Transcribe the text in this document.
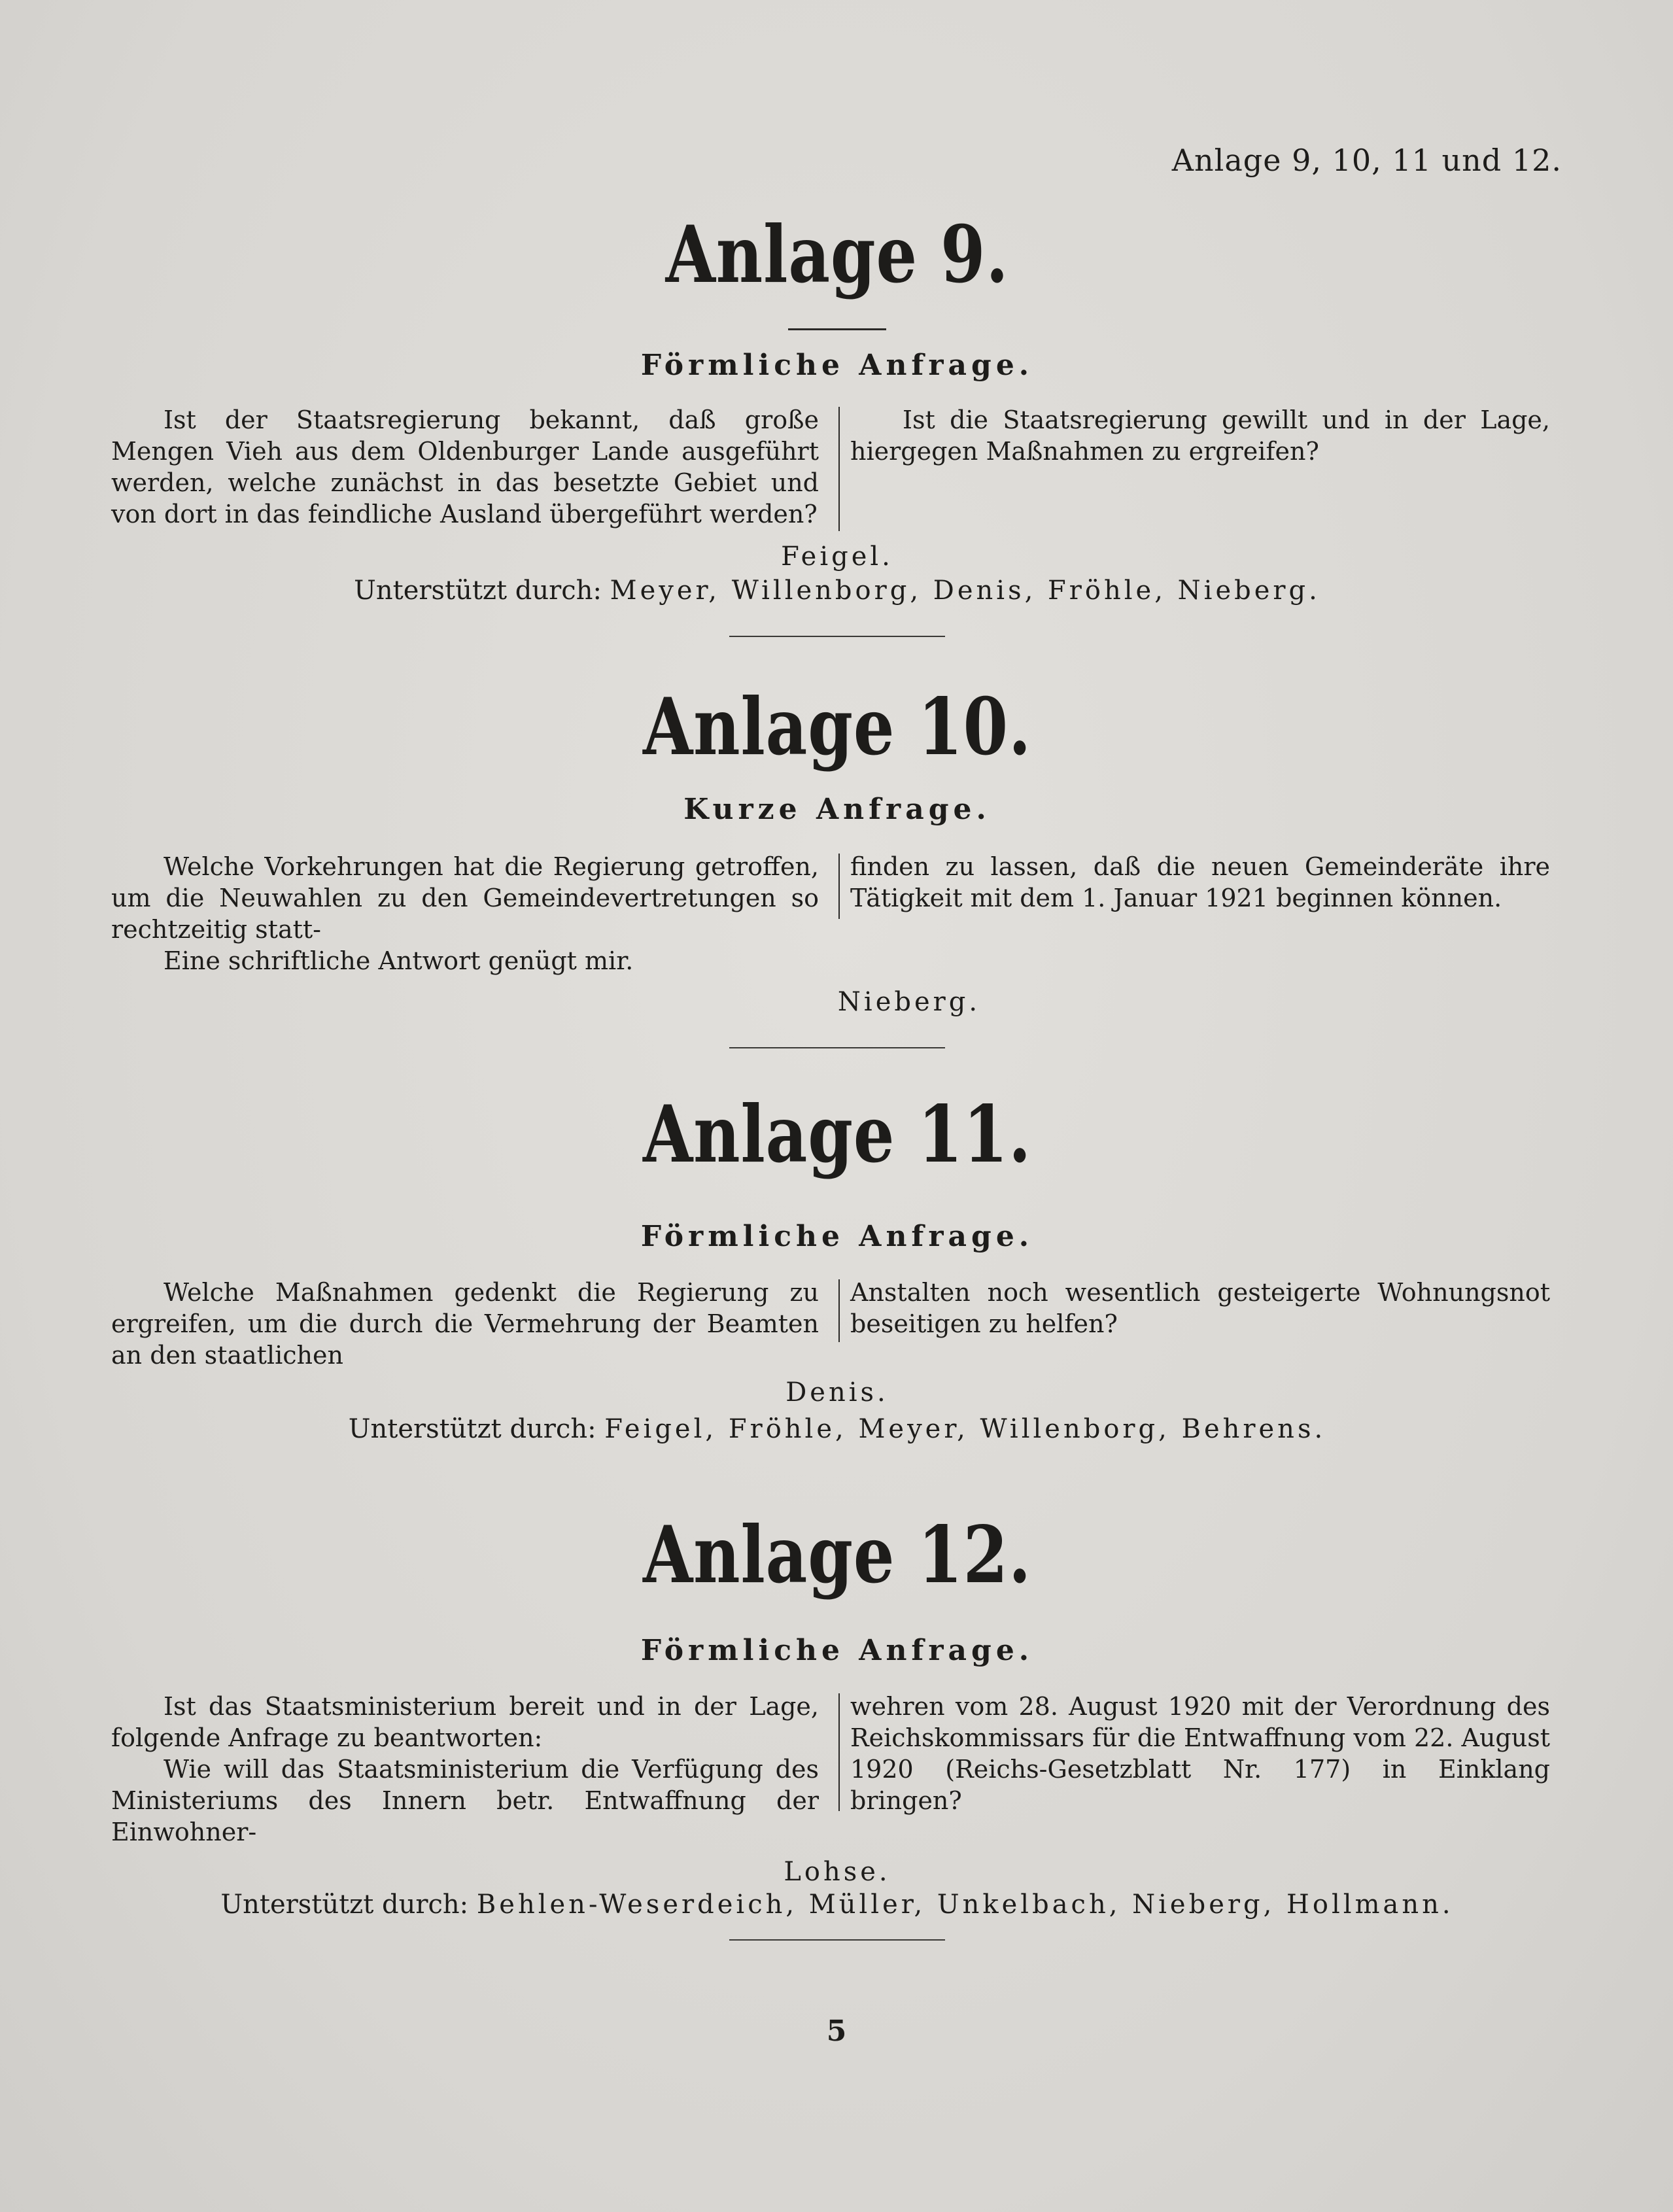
Anlage 9, 10, 11 und 12.
Anlage 9.

Förmliche Anfrage.

Ist der Staatsregierung bekannt, daß große Mengen Vieh aus dem Oldenburger Lande ausgeführt werden, welche zunächst in das besetzte Gebiet und von dort in das feindliche Ausland übergeführt werden?

Ist die Staatsregierung gewillt und in der Lage, hiergegen Maßnahmen zu ergreifen?

Feigel.

Unterstützt durch: Meyer, Willenborg, Denis, Fröhle, Nieberg.

Anlage 10.

Kurze Anfrage.

Welche Vorkehrungen hat die Regierung getroffen, um die Neuwahlen zu den Gemeindevertretungen so rechtzeitig statt-

Eine schriftliche Antwort genügt mir.

finden zu lassen, daß die neuen Gemeinderäte ihre Tätigkeit mit dem 1. Januar 1921 beginnen können.

Nieberg.

Anlage 11.

Förmliche Anfrage.

Welche Maßnahmen gedenkt die Regierung zu ergreifen, um die durch die Vermehrung der Beamten an den staatlichen

Anstalten noch wesentlich gesteigerte Wohnungsnot beseitigen zu helfen?

Denis.

Unterstützt durch: Feigel, Fröhle, Meyer, Willenborg, Behrens.

Anlage 12.

Förmliche Anfrage.

Ist das Staatsministerium bereit und in der Lage, folgende Anfrage zu beantworten:

Wie will das Staatsministerium die Verfügung des Ministeriums des Innern betr. Entwaffnung der Einwohner-

wehren vom 28. August 1920 mit der Verordnung des Reichskommissars für die Entwaffnung vom 22. August 1920 (Reichs-Gesetzblatt Nr. 177) in Einklang bringen?

Lohse.

Unterstützt durch: Behlen-Weserdeich, Müller, Unkelbach, Nieberg, Hollmann.

5
